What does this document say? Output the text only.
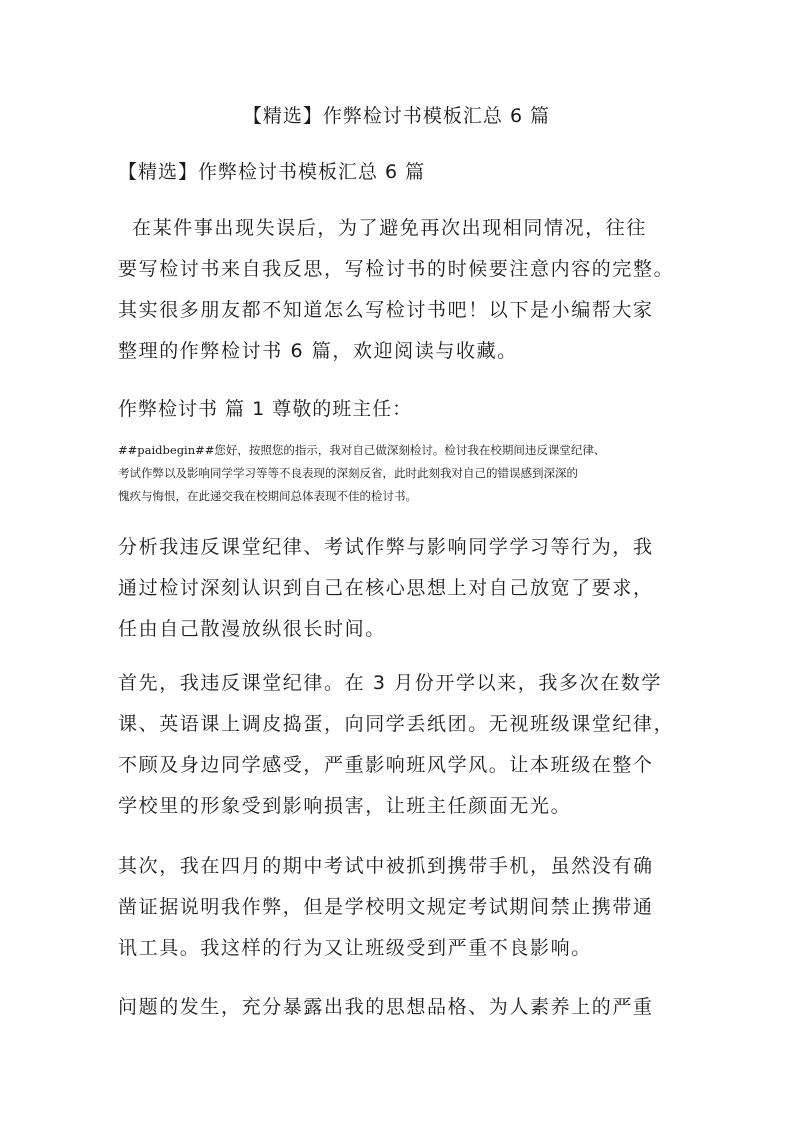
【精选】作弊检讨书模板汇总 6 篇
【精选】作弊检讨书模板汇总 6 篇
在某件事出现失误后，为了避免再次出现相同情况，往往
要写检讨书来自我反思，写检讨书的时候要注意内容的完整。
其实很多朋友都不知道怎么写检讨书吧！以下是小编帮大家
整理的作弊检讨书 6 篇，欢迎阅读与收藏。
作弊检讨书 篇 1 尊敬的班主任：
##paidbegin##您好，按照您的指示，我对自己做深刻检讨。检讨我在校期间违反课堂纪律、
考试作弊以及影响同学学习等等不良表现的深刻反省，此时此刻我对自己的错误感到深深的
愧疚与悔恨，在此递交我在校期间总体表现不佳的检讨书。
分析我违反课堂纪律、考试作弊与影响同学学习等行为，我
通过检讨深刻认识到自己在核心思想上对自己放宽了要求，
任由自己散漫放纵很长时间。
首先，我违反课堂纪律。在 3 月份开学以来，我多次在数学
课、英语课上调皮捣蛋，向同学丢纸团。无视班级课堂纪律，
不顾及身边同学感受，严重影响班风学风。让本班级在整个
学校里的形象受到影响损害，让班主任颜面无光。
其次，我在四月的期中考试中被抓到携带手机，虽然没有确
凿证据说明我作弊，但是学校明文规定考试期间禁止携带通
讯工具。我这样的行为又让班级受到严重不良影响。
问题的发生，充分暴露出我的思想品格、为人素养上的严重
